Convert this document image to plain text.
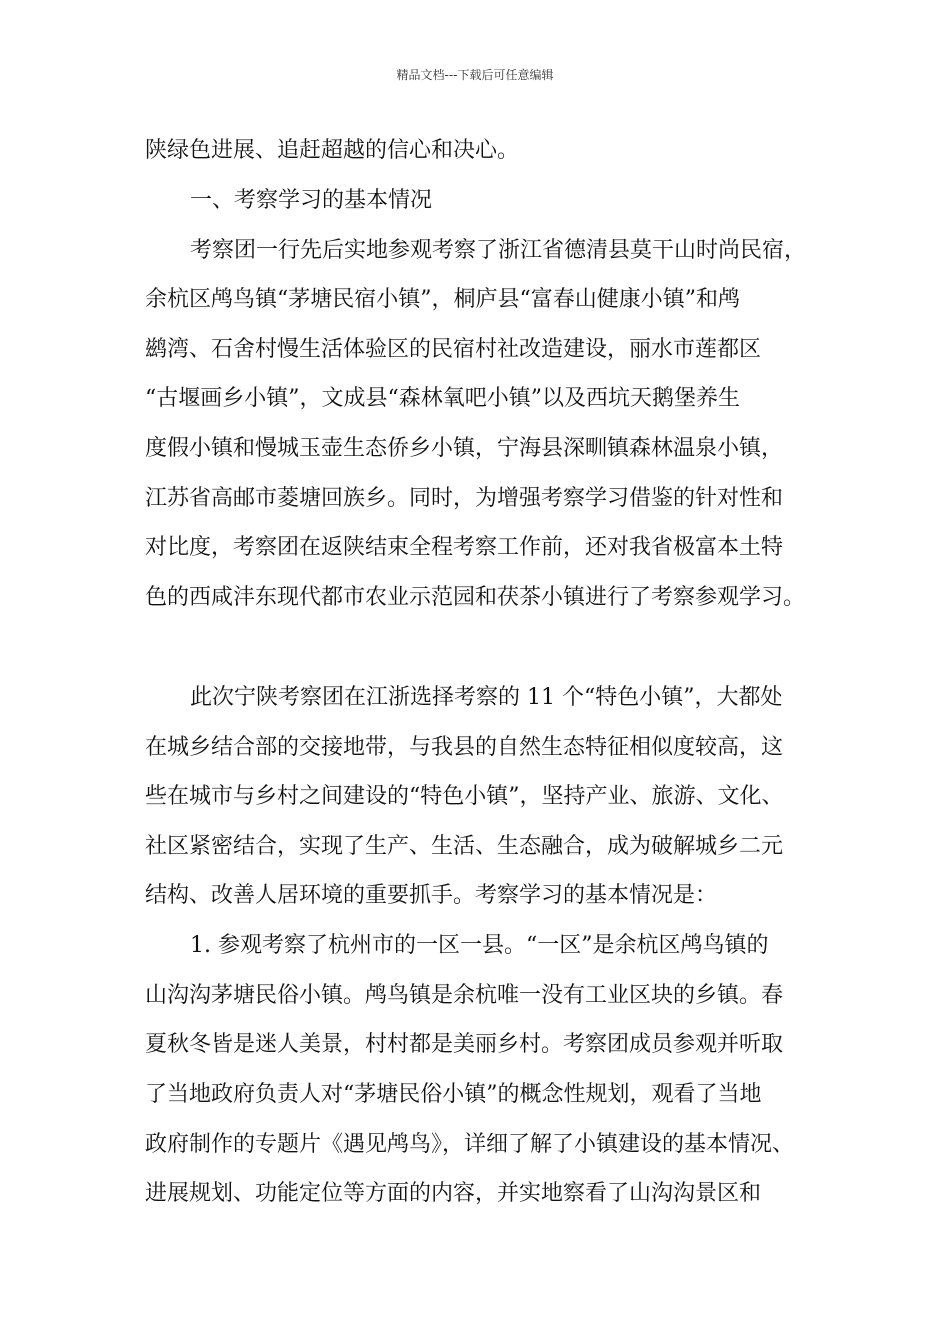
精品文档---下载后可任意编辑
陕绿色进展、追赶超越的信心和决心。
一、考察学习的基本情况
考察团一行先后实地参观考察了浙江省德清县莫干山时尚民宿，
余杭区鸬鸟镇“茅塘民宿小镇”，桐庐县“富春山健康小镇”和鸬
鹚湾、石舍村慢生活体验区的民宿村社改造建设，丽水市莲都区
“古堰画乡小镇”，文成县“森林氧吧小镇”以及西坑天鹅堡养生
度假小镇和慢城玉壶生态侨乡小镇，宁海县深甽镇森林温泉小镇，
江苏省高邮市菱塘回族乡。同时，为增强考察学习借鉴的针对性和
对比度，考察团在返陕结束全程考察工作前，还对我省极富本土特
色的西咸沣东现代都市农业示范园和茯茶小镇进行了考察参观学习。
此次宁陕考察团在江浙选择考察的 11 个“特色小镇”，大都处
在城乡结合部的交接地带，与我县的自然生态特征相似度较高，这
些在城市与乡村之间建设的“特色小镇”，坚持产业、旅游、文化、
社区紧密结合，实现了生产、生活、生态融合，成为破解城乡二元
结构、改善人居环境的重要抓手。考察学习的基本情况是：
1. 参观考察了杭州市的一区一县。“一区”是余杭区鸬鸟镇的
山沟沟茅塘民俗小镇。鸬鸟镇是余杭唯一没有工业区块的乡镇。春
夏秋冬皆是迷人美景，村村都是美丽乡村。考察团成员参观并听取
了当地政府负责人对“茅塘民俗小镇”的概念性规划，观看了当地
政府制作的专题片《遇见鸬鸟》，详细了解了小镇建设的基本情况、
进展规划、功能定位等方面的内容，并实地察看了山沟沟景区和
